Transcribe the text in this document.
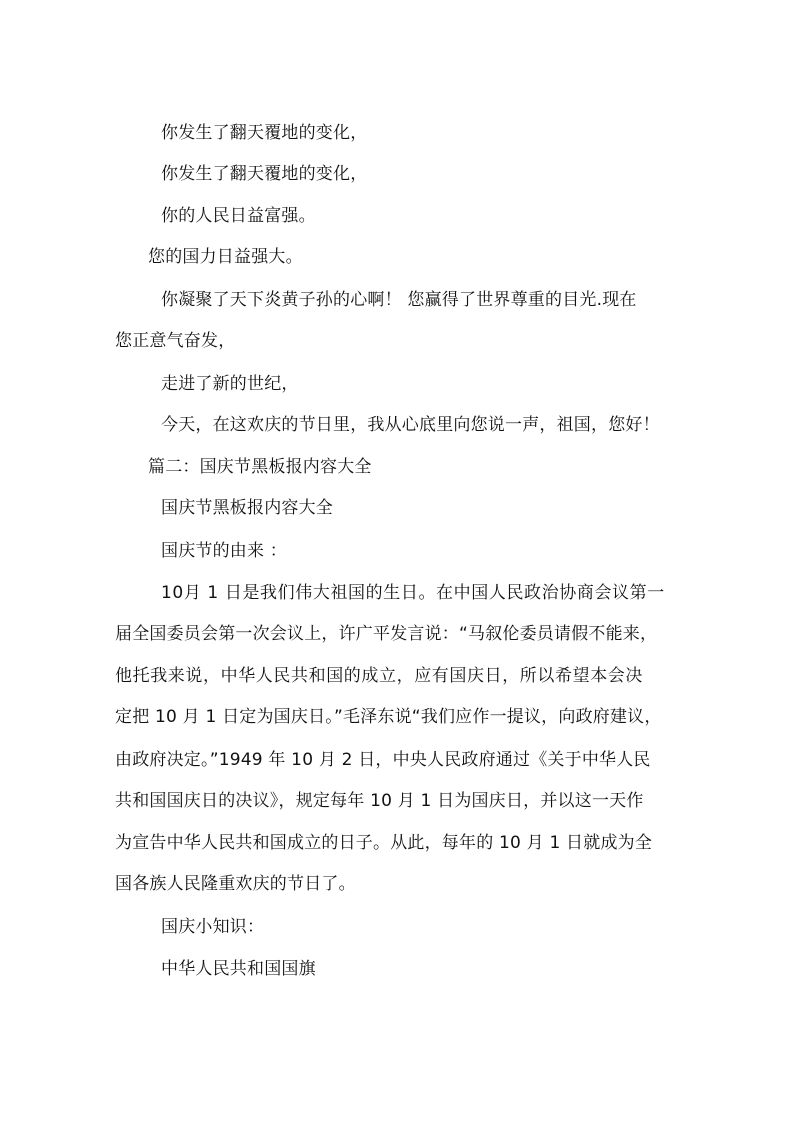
你发生了翻天覆地的变化，
你发生了翻天覆地的变化，
你的人民日益富强。
您的国力日益强大。
你凝聚了天下炎黄子孙的心啊！ 您赢得了世界尊重的目光.现在
您正意气奋发，
走进了新的世纪，
今天，在这欢庆的节日里，我从心底里向您说一声，祖国，您好！
篇二：国庆节黑板报内容大全
国庆节黑板报内容大全
国庆节的由来 ：
10月 1 日是我们伟大祖国的生日。在中国人民政治协商会议第一
届全国委员会第一次会议上，许广平发言说：“马叙伦委员请假不能来，
他托我来说，中华人民共和国的成立，应有国庆日，所以希望本会决
定把 10 月 1 日定为国庆日。”毛泽东说“我们应作一提议，向政府建议，
由政府决定。”1949 年 10 月 2 日，中央人民政府通过《关于中华人民
共和国国庆日的决议》，规定每年 10 月 1 日为国庆日，并以这一天作
为宣告中华人民共和国成立的日子。从此，每年的 10 月 1 日就成为全
国各族人民隆重欢庆的节日了。
国庆小知识：
中华人民共和国国旗
